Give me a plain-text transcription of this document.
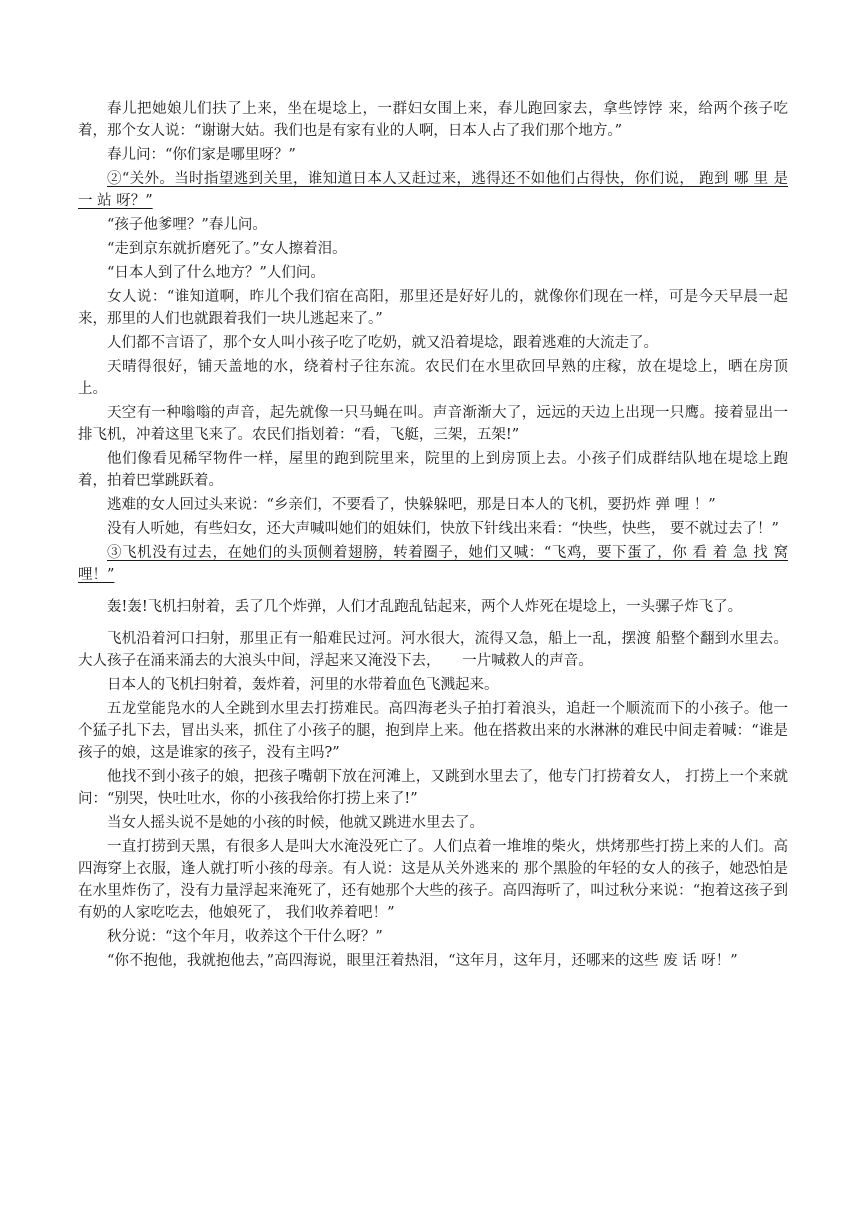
春儿把她娘儿们扶了上来，坐在堤埝上，一群妇女围上来，春儿跑回家去，拿些饽饽 来，给两个孩子吃着，那个女人说：“谢谢大姑。我们也是有家有业的人啊，日本人占了我们那个地方。”

春儿问：“你们家是哪里呀？”

②“关外。当时指望逃到关里，谁知道日本人又赶过来，逃得还不如他们占得快，你们说， 跑到 哪 里 是 一 站 呀？”

“孩子他爹哩？”春儿问。

“走到京东就折磨死了。”女人擦着泪。

“日本人到了什么地方？”人们问。

女人说：“谁知道啊，昨儿个我们宿在高阳，那里还是好好儿的，就像你们现在一样，可是今天早晨一起来，那里的人们也就跟着我们一块儿逃起来了。”

人们都不言语了，那个女人叫小孩子吃了吃奶，就又沿着堤埝，跟着逃难的大流走了。

天晴得很好，铺天盖地的水，绕着村子往东流。农民们在水里砍回早熟的庄稼，放在堤埝上，晒在房顶上。

天空有一种嗡嗡的声音，起先就像一只马蝇在叫。声音渐渐大了，远远的天边上出现一只鹰。接着显出一排飞机，冲着这里飞来了。农民们指划着：“看，飞艇，三架，五架!”

他们像看见稀罕物件一样，屋里的跑到院里来，院里的上到房顶上去。小孩子们成群结队地在堤埝上跑着，拍着巴掌跳跃着。

逃难的女人回过头来说：“乡亲们，不要看了，快躲躲吧，那是日本人的飞机，要扔炸 弹 哩 ！”

没有人听她，有些妇女，还大声喊叫她们的姐妹们，快放下针线出来看：“快些，快些， 要不就过去了！”

③飞机没有过去，在她们的头顶侧着翅膀，转着圈子，她们又喊：“飞鸡，要下蛋了，你 看 着 急 找 窝 哩！”

轰!轰!飞机扫射着，丢了几个炸弹，人们才乱跑乱钻起来，两个人炸死在堤埝上，一头骡子炸飞了。

飞机沿着河口扫射，那里正有一船难民过河。河水很大，流得又急，船上一乱，摆渡 船整个翻到水里去。大人孩子在涌来涌去的大浪头中间，浮起来又淹没下去，　　一片喊救人的声音。

日本人的飞机扫射着，轰炸着，河里的水带着血色飞溅起来。

五龙堂能凫水的人全跳到水里去打捞难民。高四海老头子拍打着浪头，追赶一个顺流而下的小孩子。他一个猛子扎下去，冒出头来，抓住了小孩子的腿，抱到岸上来。他在搭救出来的水淋淋的难民中间走着喊：“谁是孩子的娘，这是谁家的孩子，没有主吗?”

他找不到小孩子的娘，把孩子嘴朝下放在河滩上，又跳到水里去了，他专门打捞着女人， 打捞上一个来就问：“别哭，快吐吐水，你的小孩我给你打捞上来了!”

当女人摇头说不是她的小孩的时候，他就又跳进水里去了。

一直打捞到天黑，有很多人是叫大水淹没死亡了。人们点着一堆堆的柴火，烘烤那些打捞上来的人们。高四海穿上衣服，逢人就打听小孩的母亲。有人说：这是从关外逃来的 那个黑脸的年轻的女人的孩子，她恐怕是在水里炸伤了，没有力量浮起来淹死了，还有她那个大些的孩子。高四海听了，叫过秋分来说：“抱着这孩子到有奶的人家吃吃去，他娘死了， 我们收养着吧！”

秋分说：“这个年月，收养这个干什么呀？”

“你不抱他，我就抱他去，”高四海说，眼里汪着热泪，“这年月，这年月，还哪来的这些 废 话 呀！”
